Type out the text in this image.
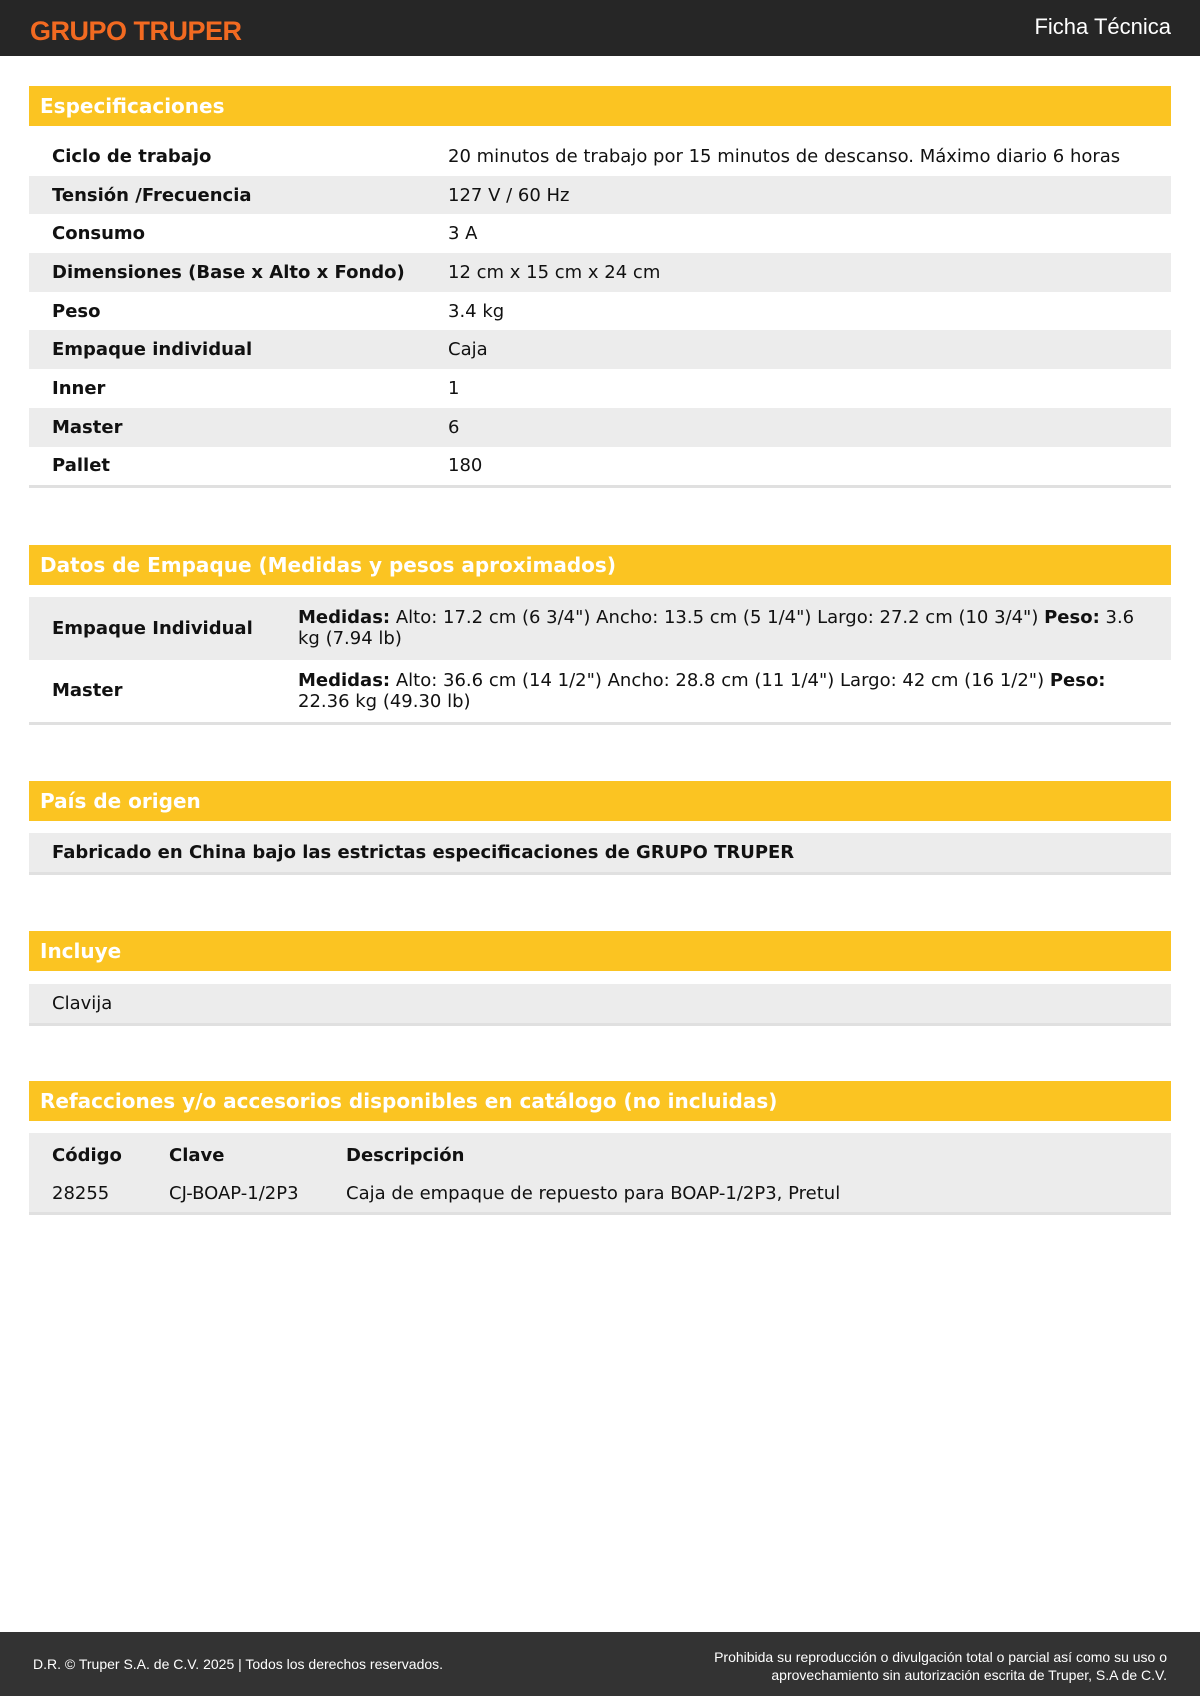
GRUPO TRUPER	Ficha Técnica
Especificaciones
Ciclo de trabajo	20 minutos de trabajo por 15 minutos de descanso. Máximo diario 6 horas
Tensión /Frecuencia	127 V / 60 Hz
Consumo	3 A
Dimensiones (Base x Alto x Fondo)	12 cm x 15 cm x 24 cm
Peso	3.4 kg
Empaque individual	Caja
Inner	1
Master	6
Pallet	180
Datos de Empaque (Medidas y pesos aproximados)
Empaque Individual	Medidas: Alto: 17.2 cm (6 3/4") Ancho: 13.5 cm (5 1/4") Largo: 27.2 cm (10 3/4") Peso: 3.6 kg (7.94 lb)
Master	Medidas: Alto: 36.6 cm (14 1/2") Ancho: 28.8 cm (11 1/4") Largo: 42 cm (16 1/2") Peso: 22.36 kg (49.30 lb)
País de origen
Fabricado en China bajo las estrictas especificaciones de GRUPO TRUPER
Incluye
Clavija
Refacciones y/o accesorios disponibles en catálogo (no incluidas)
Código	Clave	Descripción
28255	CJ-BOAP-1/2P3	Caja de empaque de repuesto para BOAP-1/2P3, Pretul
D.R. © Truper S.A. de C.V. 2025 | Todos los derechos reservados.	Prohibida su reproducción o divulgación total o parcial así como su uso o
aprovechamiento sin autorización escrita de Truper, S.A de C.V.
